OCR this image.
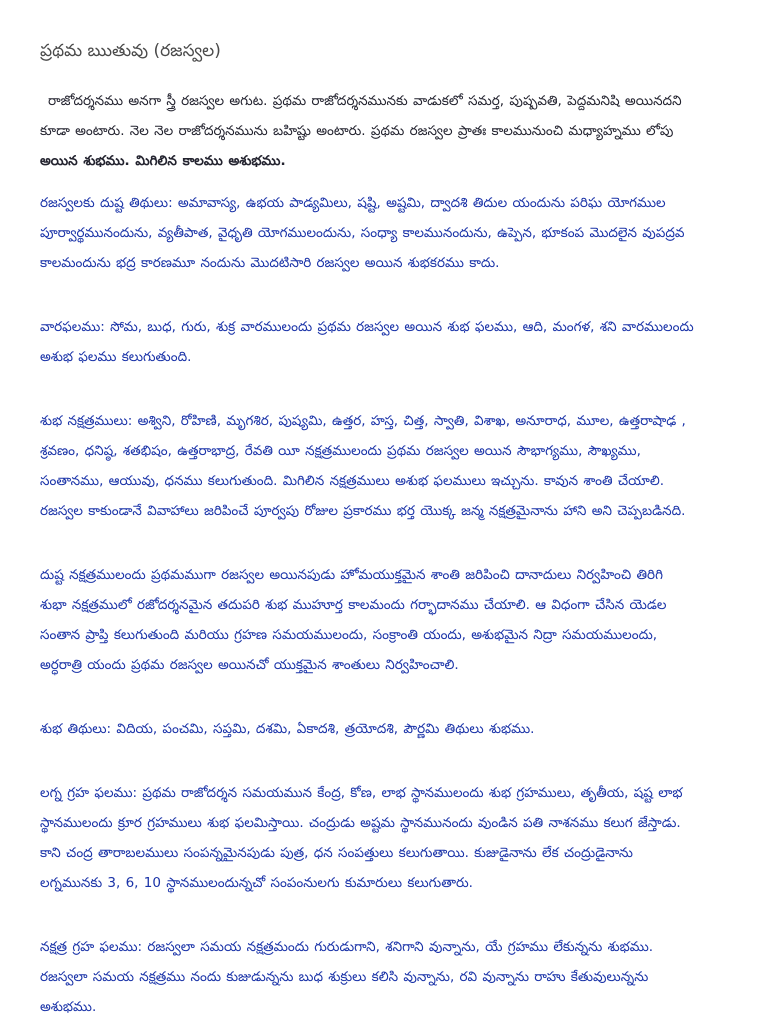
ప్రథమ ఋతువు (రజస్వల)
రాజోదర్శనము అనగా స్త్రీ రజస్వల అగుట. ప్రథమ రాజోదర్శనమునకు వాడుకలో సమర్త, పుష్పవతి, పెద్దమనిషి అయినదని
కూడా అంటారు. నెల నెల రాజోదర్శనమును బహిష్టు అంటారు. ప్రథమ రజస్వల ప్రాతః కాలమునుంచి మధ్యాహ్నము లోపు
అయిన శుభము. మిగిలిన కాలము అశుభము.
రజస్వలకు దుష్ట తిథులు: అమావాస్య, ఉభయ పాడ్యమిలు, షష్టి, అష్టమి, ద్వాదశి తిదుల యందును పరిఘ యోగముల
పూర్వార్థమునందును, వ్యతీపాత, వైధృతి యోగములందును, సంధ్యా కాలమునందును, ఉప్పెన, భూకంప మొదలైన వుపద్రవ
కాలమందును భద్ర కారణమూ నందును మొదటిసారి రజస్వల అయిన శుభకరము కాదు.
వారఫలము: సోమ, బుధ, గురు, శుక్ర వారములందు ప్రథమ రజస్వల అయిన శుభ ఫలము, ఆది, మంగళ, శని వారములందు
అశుభ ఫలము కలుగుతుంది.
శుభ నక్షత్రములు: అశ్విని, రోహిణి, మృగశిర, పుష్యమి, ఉత్తర, హస్త, చిత్త, స్వాతి, విశాఖ, అనూరాధ, మూల, ఉత్తరాషాఢ ,
శ్రవణం, ధనిష్ఠ, శతభిషం, ఉత్తరాభాద్ర, రేవతి యీ నక్షత్రములందు ప్రథమ రజస్వల అయిన సౌభాగ్యము, సౌఖ్యము,
సంతానము, ఆయువు, ధనము కలుగుతుంది. మిగిలిన నక్షత్రములు అశుభ ఫలములు ఇచ్చును. కావున శాంతి చేయాలి.
రజస్వల కాకుండానే వివాహాలు జరిపించే పూర్వపు రోజుల ప్రకారము భర్త యొక్క జన్మ నక్షత్రమైనాను హాని అని చెప్పబడినది.
దుష్ట నక్షత్రములందు ప్రథమముగా రజస్వల అయినపుడు హోమయుక్తమైన శాంతి జరిపించి దానాదులు నిర్వహించి తిరిగి
శుభా నక్షత్రములో రజోదర్శనమైన తదుపరి శుభ ముహూర్త కాలమందు గర్భాదానము చేయాలి. ఆ విధంగా చేసిన యెడల
సంతాన ప్రాప్తి కలుగుతుంది మరియు గ్రహణ సమయములందు, సంక్రాంతి యందు, అశుభమైన నిద్రా సమయములందు,
అర్ధరాత్రి యందు ప్రథమ రజస్వల అయినచో యుక్తమైన శాంతులు నిర్వహించాలి.
శుభ తిథులు: విదియ, పంచమి, సప్తమి, దశమి, ఏకాదశి, త్రయోదశి, పౌర్ణమి తిథులు శుభము.
లగ్న గ్రహ ఫలము: ప్రథమ రాజోదర్శన సమయమున కేంద్ర, కోణ, లాభ స్థానములందు శుభ గ్రహములు, తృతీయ, షష్ట లాభ
స్థానములందు క్రూర గ్రహములు శుభ ఫలమిస్తాయి. చంద్రుడు అష్టమ స్థానమునందు వుండిన పతి నాశనము కలుగ జేస్తాడు.
కాని చంద్ర తారాబలములు సంపన్నమైనపుడు పుత్ర, ధన సంపత్తులు కలుగుతాయి. కుజుడైనాను లేక చంద్రుడైనాను
లగ్నమునకు 3, 6, 10 స్థానములందున్నచో సంపంనులగు కుమారులు కలుగుతారు.
నక్షత్ర గ్రహ ఫలము: రజస్వలా సమయ నక్షత్రమందు గురుడుగాని, శనిగాని వున్నాను, యే గ్రహము లేకున్నను శుభము.
రజస్వలా సమయ నక్షత్రము నందు కుజుడున్నను బుధ శుక్రులు కలిసి వున్నాను, రవి వున్నాను రాహు కేతువులున్నను
అశుభము.
